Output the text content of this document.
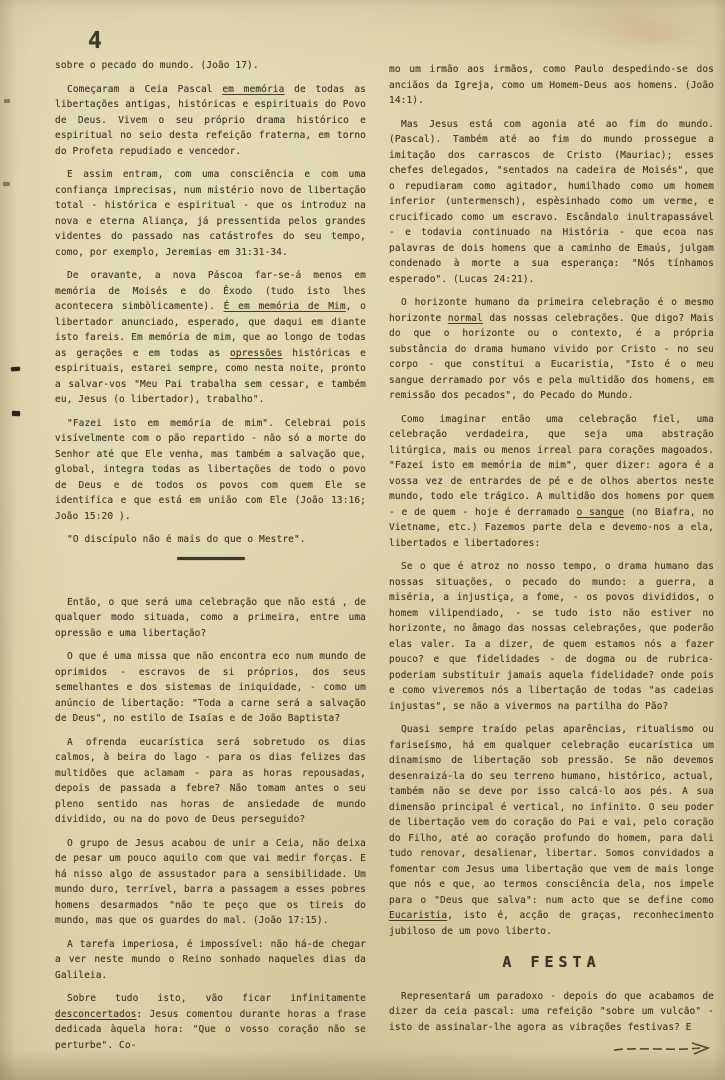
4

sobre o pecado do mundo. (João 17).

Começaram a Ceia Pascal em memória de todas as libertações antigas, históricas e espirituais do Povo de Deus. Vivem o seu próprio drama histórico e espiritual no seio desta refeição fraterna, em torno do Profeta repudiado e vencedor.

E assim entram, com uma consciência e com uma confiança imprecisas, num mistério novo de libertação total - histórica e espiritual - que os introduz na nova e eterna Aliança, já pressentida pelos grandes videntes do passado nas catástrofes do seu tempo, como, por exemplo, Jeremias em 31:31-34.

De oravante, a nova Páscoa far-se-á menos em memória de Moisés e do Êxodo (tudo isto lhes acontecera simbòlicamente). É em memória de Mim, o libertador anunciado, esperado, que daqui em diante isto fareis. Em memória de mim, que ao longo de todas as gerações e em todas as opressões históricas e espirituais, estarei sempre, como nesta noite, pronto a salvar-vos "Meu Pai trabalha sem cessar, e também eu, Jesus (o libertador), trabalho".

"Fazei isto em memória de mim". Celebrai pois visívelmente com o pão repartido - não só a morte do Senhor até que Ele venha, mas também a salvação que, global, integra todas as libertações de todo o povo de Deus e de todos os povos com quem Ele se identifica e que está em união com Ele (João 13:16; João 15:20 ).

"O discípulo não é mais do que o Mestre".

Então, o que será uma celebração que não está , de qualquer modo situada, como a primeira, entre uma opressão e uma libertação?

O que é uma missa que não encontra eco num mundo de oprimidos - escravos de si próprios, dos seus semelhantes e dos sistemas de iniquidade, - como um anúncio de libertação: "Toda a carne será a salvação de Deus", no estilo de Isaías e de João Baptista?

A ofrenda eucarística será sobretudo os dias calmos, à beira do lago - para os dias felizes das multidões que aclamam - para as horas repousadas, depois de passada a febre? Não tomam antes o seu pleno sentido nas horas de ansiedade de mundo dividido, ou na do povo de Deus perseguido?

O grupo de Jesus acabou de unir a Ceia, não deixa de pesar um pouco aquilo com que vai medir forças. E há nisso algo de assustador para a sensibilidade. Um mundo duro, terrível, barra a passagem a esses pobres homens desarmados "não te peço que os tireis do mundo, mas que os guardes do mal. (João 17:15).

A tarefa imperiosa, é impossível: não há-de chegar a ver neste mundo o Reino sonhado naqueles dias da Galileia.

Sobre tudo isto, vão ficar infinitamente desconcertados: Jesus comentou durante horas a frase dedicada àquela hora: "Que o vosso coração não se perturbe". Co-

mo um irmão aos irmãos, como Paulo despedindo-se dos anciãos da Igreja, como um Homem-Deus aos homens. (João 14:1).

Mas Jesus está com agonia até ao fim do mundo. (Pascal). Também até ao fim do mundo prossegue a imitação dos carrascos de Cristo (Mauriac); esses chefes delegados, "sentados na cadeira de Moisés", que o repudiaram como agitador, humilhado como um homem inferior (untermensch), espèsinhado como um verme, e crucificado como um escravo. Escândalo inultrapassável - e todavia continuado na História - que ecoa nas palavras de dois homens que a caminho de Emaús, julgam condenado à morte a sua esperança: "Nós tínhamos esperado". (Lucas 24:21).

O horizonte humano da primeira celebração é o mesmo horizonte normal das nossas celebrações. Que digo? Mais do que o horizonte ou o contexto, é a própria substância do drama humano vivido por Cristo - no seu corpo - que constitui a Eucaristia, "Isto é o meu sangue derramado por vós e pela multidão dos homens, em remissão dos pecados", do Pecado do Mundo.

Como imaginar então uma celebração fiel, uma celebração verdadeira, que seja uma abstração litúrgica, mais ou menos irreal para corações magoados. "Fazei isto em memória de mim", quer dizer: agora é a vossa vez de entrardes de pé e de olhos abertos neste mundo, todo ele trágico. A multidão dos homens por quem - e de quem - hoje é derramado o sangue (no Biafra, no Vietname, etc.) Fazemos parte dela e devemo-nos a ela, libertados e libertadores:

Se o que é atroz no nosso tempo, o drama humano das nossas situações, o pecado do mundo: a guerra, a miséria, a injustiça, a fome, - os povos divididos, o homem vilipendiado, - se tudo isto não estiver no horizonte, no âmago das nossas celebrações, que poderão elas valer. Ia a dizer, de quem estamos nós a fazer pouco? e que fidelidades - de dogma ou de rubrica-poderiam substituir jamais aquela fidelidade? onde pois e como viveremos nós a libertação de todas "as cadeias injustas", se não a vivermos na partilha do Pão?

Quasi sempre traído pelas aparências, ritualismo ou fariseísmo, há em qualquer celebração eucarística um dinamismo de libertação sob pressão. Se não devemos desenraizá-la do seu terreno humano, histórico, actual, também não se deve por isso calcá-lo aos pés. A sua dimensão principal é vertical, no infinito. O seu poder de libertação vem do coração do Pai e vai, pelo coração do Filho, até ao coração profundo do homem, para dali tudo renovar, desalienar, libertar. Somos convidados a fomentar com Jesus uma libertação que vem de mais longe que nós e que, ao termos consciência dela, nos impele para o "Deus que salva": num acto que se define como Eucaristia, isto é, acção de graças, reconhecimento jubiloso de um povo liberto.

A FESTA

Representará um paradoxo - depois do que acabamos de dizer da ceia pascal: uma refeição "sobre um vulcão" - isto de assinalar-lhe agora as vibrações festivas? E
